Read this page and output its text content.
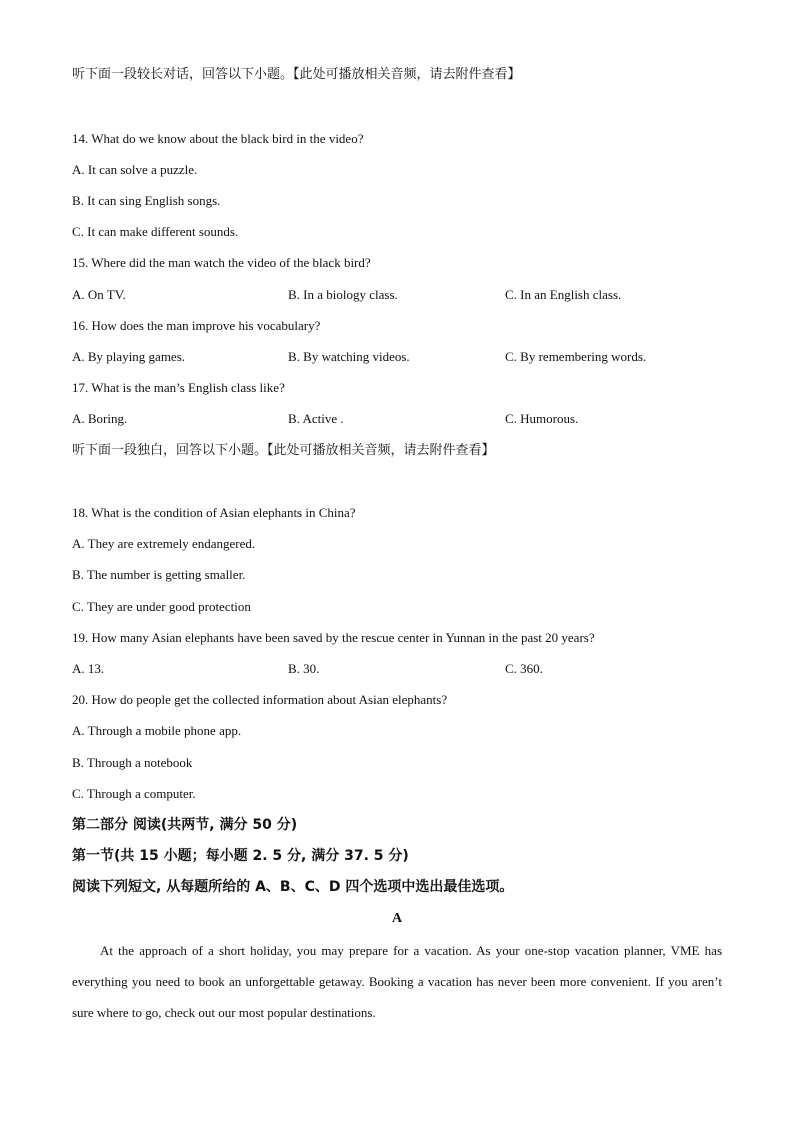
听下面一段较长对话，回答以下小题。【此处可播放相关音频，请去附件查看】
14. What do we know about the black bird in the video?
A. It can solve a puzzle.
B. It can sing English songs.
C. It can make different sounds.
15. Where did the man watch the video of the black bird?
A. On TV.	B. In a biology class.	C. In an English class.
16. How does the man improve his vocabulary?
A. By playing games.	B. By watching videos.	C. By remembering words.
17. What is the man’s English class like?
A. Boring.	B. Active .	C. Humorous.
听下面一段独白，回答以下小题。【此处可播放相关音频，请去附件查看】
18. What is the condition of Asian elephants in China?
A. They are extremely endangered.
B. The number is getting smaller.
C. They are under good protection
19. How many Asian elephants have been saved by the rescue center in Yunnan in the past 20 years?
A. 13.	B. 30.	C. 360.
20. How do people get the collected information about Asian elephants?
A. Through a mobile phone app.
B. Through a notebook
C. Through a computer.
第二部分 阅读(共两节, 满分 50 分)
第一节(共 15 小题；每小题 2. 5 分, 满分 37. 5 分)
阅读下列短文, 从每题所给的 A、B、C、D 四个选项中选出最佳选项。
A
At the approach of a short holiday, you may prepare for a vacation. As your one-stop vacation planner, VME has everything you need to book an unforgettable getaway. Booking a vacation has never been more convenient. If you aren’t sure where to go, check out our most popular destinations.
